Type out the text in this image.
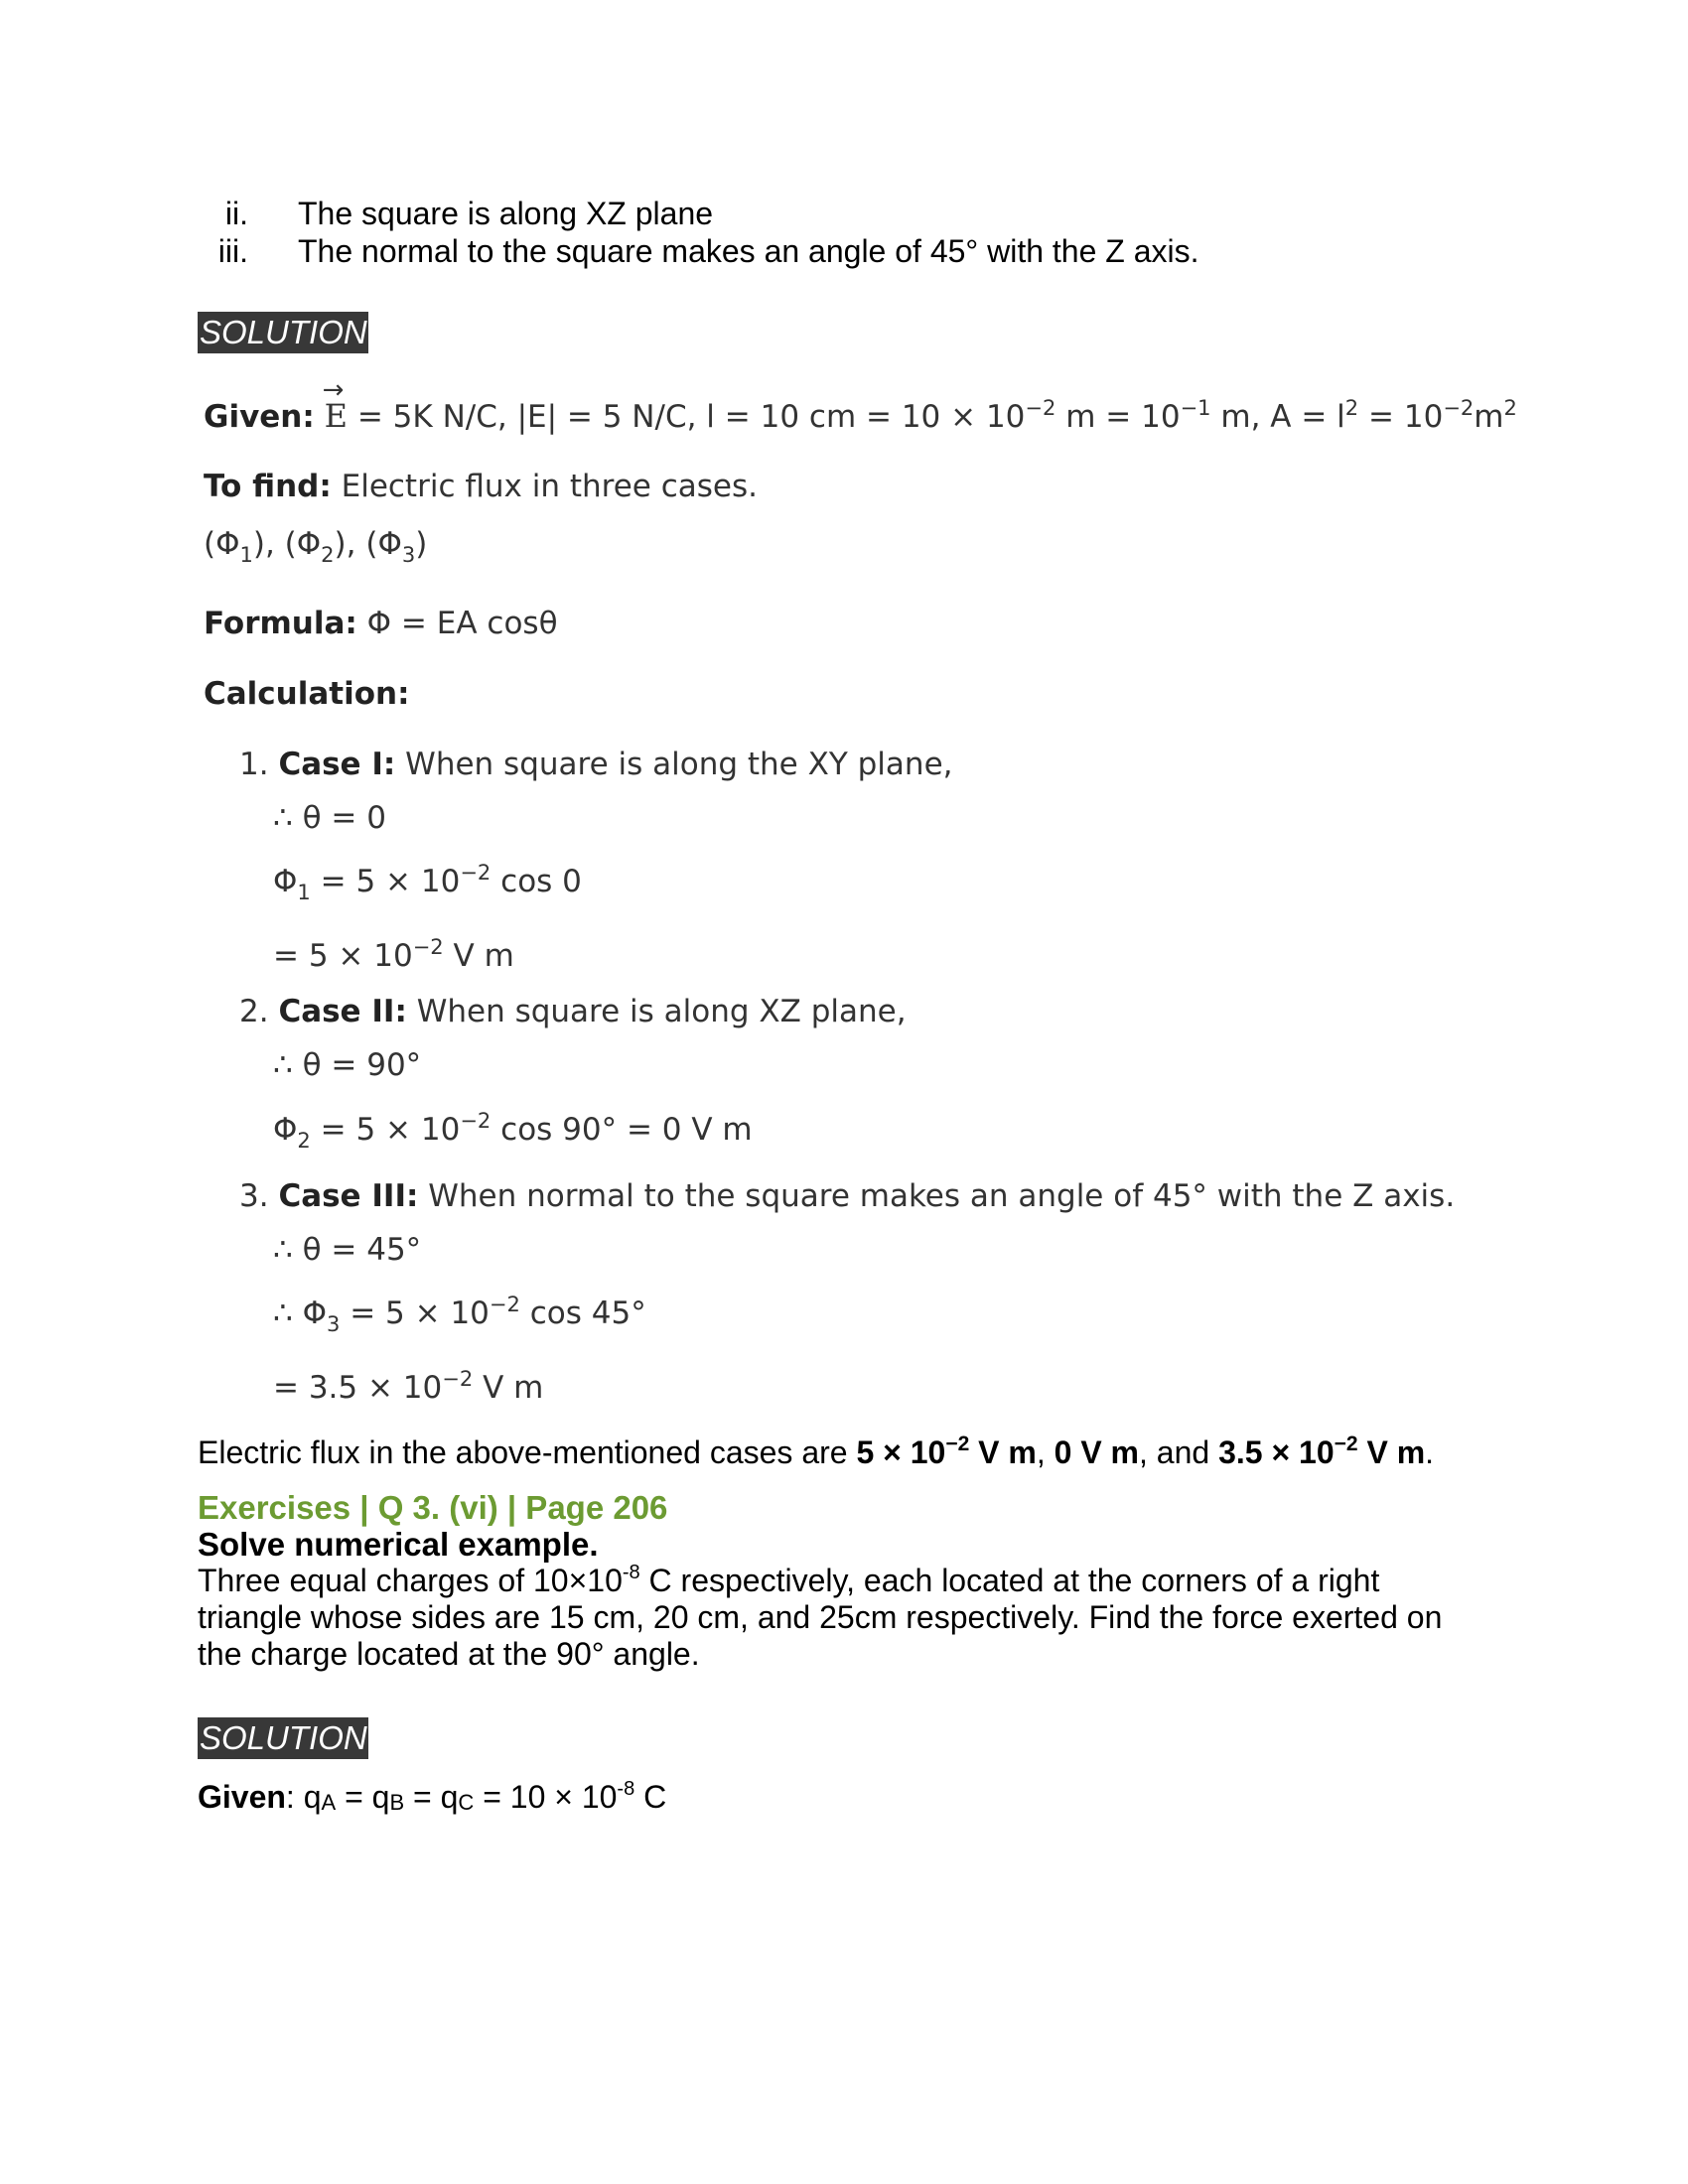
ii.	The square is along XZ plane
iii.	The normal to the square makes an angle of 45° with the Z axis.
SOLUTION
Given:
→
E = 5K N/C, |E| = 5 N/C, l = 10 cm = $10 \times 10^{-2}$ $m = 10^{-1}$ m, $A = l^2 = 10^{-2}m^2$
To find: Electric flux in three cases.
$(\Phi_1)$, $(\Phi_2)$, $(\Phi_3)$
Formula: Φ = EA cosθ
Calculation:
1. Case I: When square is along the XY plane,
∴ θ = 0
$\Phi_1 = 5 \times 10^{-2}$ cos 0
= $5 \times 10^{-2}$ V m
2. Case II: When square is along XZ plane,
∴ θ = 90°
$\Phi_2 = 5 \times 10^{-2}$ cos 90° = 0 V m
3. Case III: When normal to the square makes an angle of 45° with the Z axis.
∴ θ = 45°
∴ $\Phi_3 = 5 \times 10^{-2}$ cos 45°
= $3.5 \times 10^{-2}$ V m
Electric flux in the above-mentioned cases are $5 \times 10^{-2}$ V m, 0 V m, and $3.5 \times 10^{-2}$ V m.
Exercises | Q 3. (vi) | Page 206
Solve numerical example.
Three equal charges of $10\times 10^{-8}$ C respectively, each located at the corners of a right triangle whose sides are 15 cm, 20 cm, and 25cm respectively. Find the force exerted on the charge located at the 90° angle.
SOLUTION
Given: $q_A = q_B = q_C = 10 \times 10^{-8}$ C
